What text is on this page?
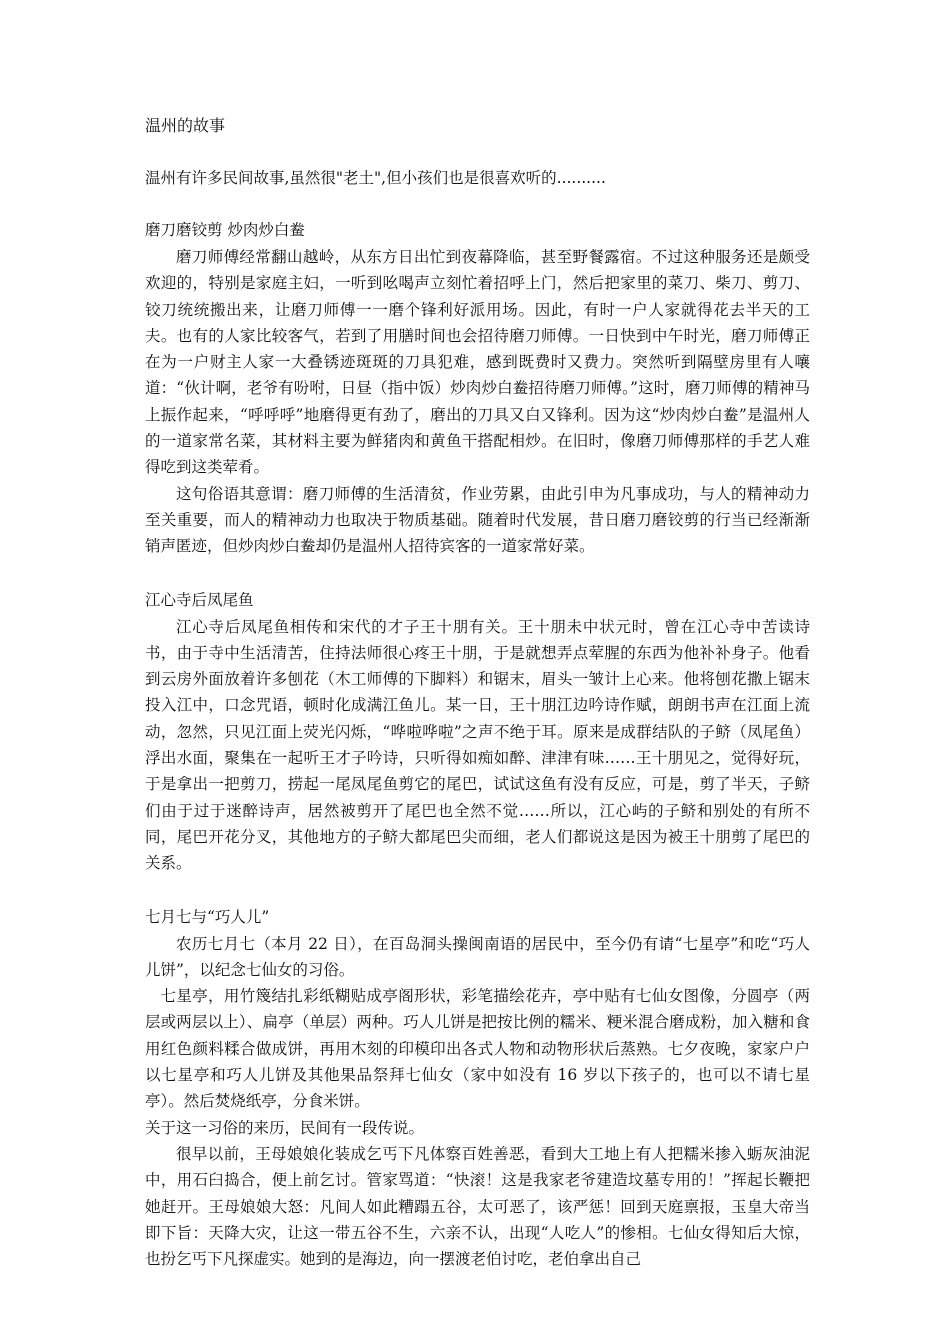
温州的故事

温州有许多民间故事,虽然很"老土",但小孩们也是很喜欢听的..........

磨刀磨铰剪 炒肉炒白鲞

磨刀师傅经常翻山越岭，从东方日出忙到夜幕降临，甚至野餐露宿。不过这种服务还是颇受欢迎的，特别是家庭主妇，一听到吆喝声立刻忙着招呼上门，然后把家里的菜刀、柴刀、剪刀、铰刀统统搬出来，让磨刀师傅一一磨个锋利好派用场。因此，有时一户人家就得花去半天的工夫。也有的人家比较客气，若到了用膳时间也会招待磨刀师傅。一日快到中午时光，磨刀师傅正在为一户财主人家一大叠锈迹斑斑的刀具犯难，感到既费时又费力。突然听到隔壁房里有人嚷道：“伙计啊，老爷有吩咐，日昼（指中饭）炒肉炒白鲞招待磨刀师傅。”这时，磨刀师傅的精神马上振作起来，“呼呼呼”地磨得更有劲了，磨出的刀具又白又锋利。因为这“炒肉炒白鲞”是温州人的一道家常名菜，其材料主要为鲜猪肉和黄鱼干搭配相炒。在旧时，像磨刀师傅那样的手艺人难得吃到这类荤肴。

这句俗语其意谓：磨刀师傅的生活清贫，作业劳累，由此引申为凡事成功，与人的精神动力至关重要，而人的精神动力也取决于物质基础。随着时代发展，昔日磨刀磨铰剪的行当已经渐渐销声匿迹，但炒肉炒白鲞却仍是温州人招待宾客的一道家常好菜。

江心寺后凤尾鱼

江心寺后凤尾鱼相传和宋代的才子王十朋有关。王十朋未中状元时，曾在江心寺中苦读诗书，由于寺中生活清苦，住持法师很心疼王十朋，于是就想弄点荤腥的东西为他补补身子。他看到云房外面放着许多刨花（木工师傅的下脚料）和锯末，眉头一皱计上心来。他将刨花撒上锯末投入江中，口念咒语，顿时化成满江鱼儿。某一日，王十朋江边吟诗作赋，朗朗书声在江面上流动，忽然，只见江面上荧光闪烁，“哗啦哗啦”之声不绝于耳。原来是成群结队的子鲚（凤尾鱼）浮出水面，聚集在一起听王才子吟诗，只听得如痴如醉、津津有味……王十朋见之，觉得好玩，于是拿出一把剪刀，捞起一尾凤尾鱼剪它的尾巴，试试这鱼有没有反应，可是，剪了半天，子鲚们由于过于迷醉诗声，居然被剪开了尾巴也全然不觉……所以，江心屿的子鲚和别处的有所不同，尾巴开花分叉，其他地方的子鲚大都尾巴尖而细，老人们都说这是因为被王十朋剪了尾巴的关系。

七月七与“巧人儿”

农历七月七（本月 22 日），在百岛洞头操闽南语的居民中，至今仍有请“七星亭”和吃“巧人儿饼”，以纪念七仙女的习俗。

七星亭，用竹篾结扎彩纸糊贴成亭阁形状，彩笔描绘花卉，亭中贴有七仙女图像，分圆亭（两层或两层以上）、扁亭（单层）两种。巧人儿饼是把按比例的糯米、粳米混合磨成粉，加入糖和食用红色颜料糅合做成饼，再用木刻的印模印出各式人物和动物形状后蒸熟。七夕夜晚，家家户户以七星亭和巧人儿饼及其他果品祭拜七仙女（家中如没有 16 岁以下孩子的，也可以不请七星亭）。然后焚烧纸亭，分食米饼。

关于这一习俗的来历，民间有一段传说。

很早以前，王母娘娘化装成乞丐下凡体察百姓善恶，看到大工地上有人把糯米掺入蛎灰油泥中，用石臼捣合，便上前乞讨。管家骂道：“快滚！这是我家老爷建造坟墓专用的！”挥起长鞭把她赶开。王母娘娘大怒：凡间人如此糟蹋五谷，太可恶了，该严惩！回到天庭禀报，玉皇大帝当即下旨：天降大灾，让这一带五谷不生，六亲不认，出现“人吃人”的惨相。七仙女得知后大惊，也扮乞丐下凡探虚实。她到的是海边，向一摆渡老伯讨吃，老伯拿出自己
